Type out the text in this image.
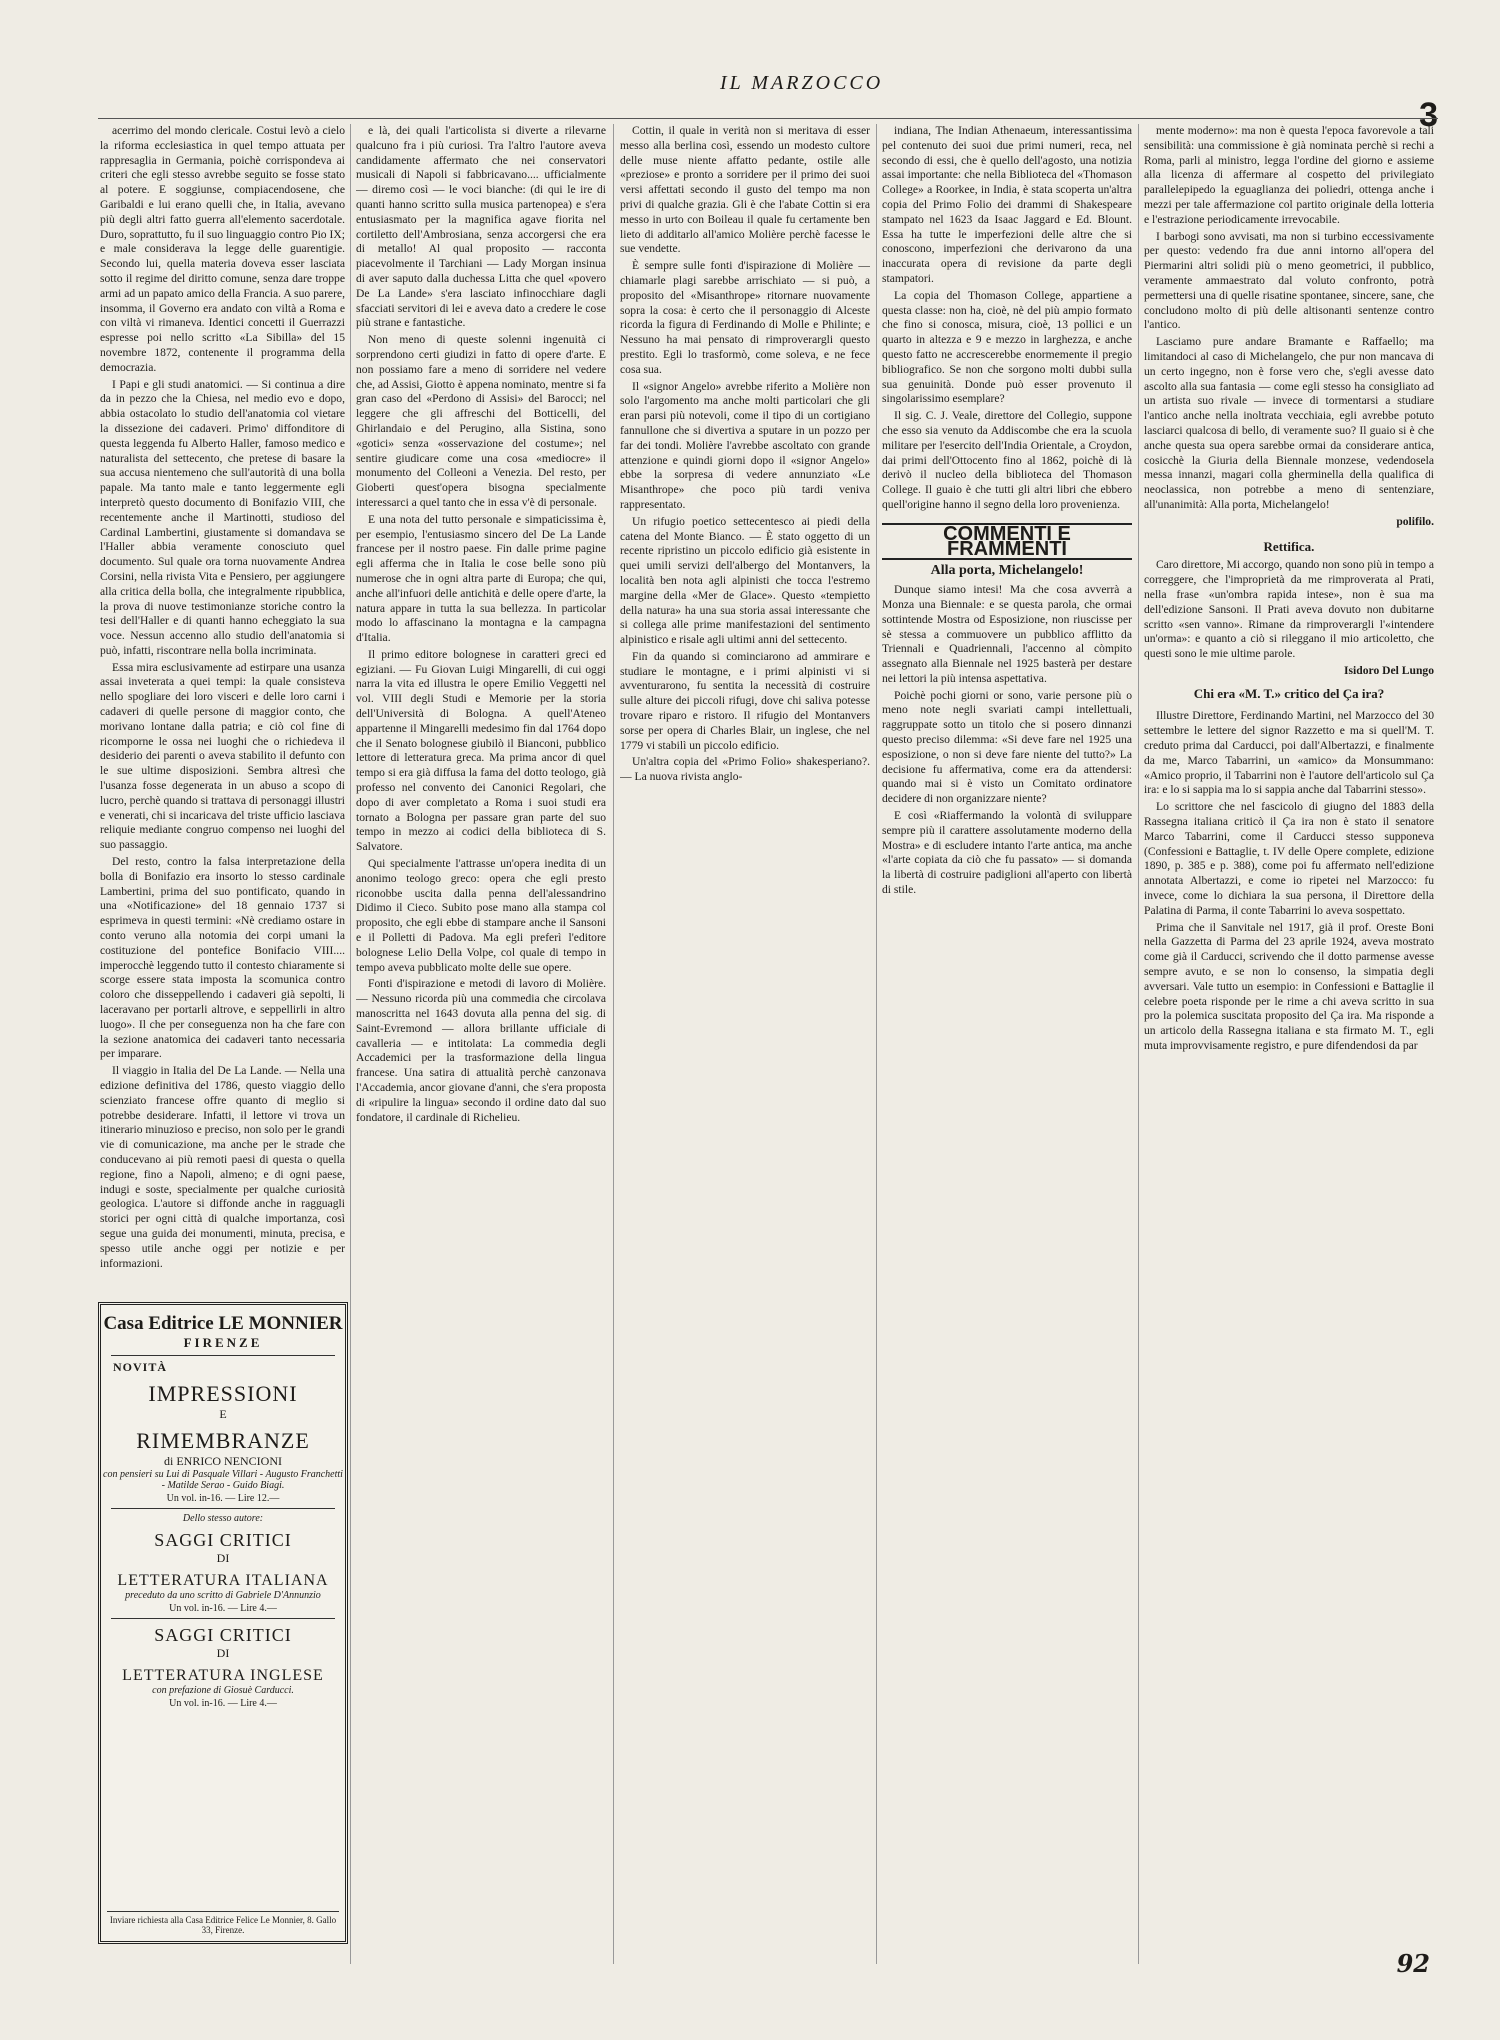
IL MARZOCCO
3

acerrimo del mondo clericale. Costui levò a cielo la riforma ecclesiastica in quel tempo attuata per rappresaglia in Germania, poichè corrispondeva ai criteri che egli stesso avrebbe seguito se fosse stato al potere. E soggiunse, compiacendosene, che Garibaldi e lui erano quelli che, in Italia, avevano più degli altri fatto guerra all'elemento sacerdotale. Duro, soprattutto, fu il suo linguaggio contro Pio IX; e male considerava la legge delle guarentigie. Secondo lui, quella materia doveva esser lasciata sotto il regime del diritto comune, senza dare troppe armi ad un papato amico della Francia. A suo parere, insomma, il Governo era andato con viltà a Roma e con viltà vi rimaneva. Identici concetti il Guerrazzi espresse poi nello scritto «La Sibilla» del 15 novembre 1872, contenente il programma della democrazia.

I Papi e gli studi anatomici. — Si continua a dire da in pezzo che la Chiesa, nel medio evo e dopo, abbia ostacolato lo studio dell'anatomia col vietare la dissezione dei cadaveri. Primo' diffonditore di questa leggenda fu Alberto Haller, famoso medico e naturalista del settecento, che pretese di basare la sua accusa nientemeno che sull'autorità di una bolla papale. Ma tanto male e tanto leggermente egli interpretò questo documento di Bonifazio VIII, che recentemente anche il Martinotti, studioso del Cardinal Lambertini, giustamente si domandava se l'Haller abbia veramente conosciuto quel documento. Sul quale ora torna nuovamente Andrea Corsini, nella rivista Vita e Pensiero, per aggiungere alla critica della bolla, che integralmente ripubblica, la prova di nuove testimonianze storiche contro la tesi dell'Haller e di quanti hanno echeggiato la sua voce. Nessun accenno allo studio dell'anatomia si può, infatti, riscontrare nella bolla incriminata.

Essa mira esclusivamente ad estirpare una usanza assai inveterata a quei tempi: la quale consisteva nello spogliare dei loro visceri e delle loro carni i cadaveri di quelle persone di maggior conto, che morivano lontane dalla patria; e ciò col fine di ricomporne le ossa nei luoghi che o richiedeva il desiderio dei parenti o aveva stabilito il defunto con le sue ultime disposizioni. Sembra altresì che l'usanza fosse degenerata in un abuso a scopo di lucro, perchè quando si trattava di personaggi illustri e venerati, chi si incaricava del triste ufficio lasciava reliquie mediante congruo compenso nei luoghi del suo passaggio.

Del resto, contro la falsa interpretazione della bolla di Bonifazio era insorto lo stesso cardinale Lambertini, prima del suo pontificato, quando in una «Notificazione» del 18 gennaio 1737 si esprimeva in questi termini: «Nè crediamo ostare in conto veruno alla notomia dei corpi umani la costituzione del pontefice Bonifacio VIII.... imperocchè leggendo tutto il contesto chiaramente si scorge essere stata imposta la scomunica contro coloro che disseppellendo i cadaveri già sepolti, li laceravano per portarli altrove, e seppellirli in altro luogo». Il che per conseguenza non ha che fare con la sezione anatomica dei cadaveri tanto necessaria per imparare.

Il viaggio in Italia del De La Lande. — Nella una edizione definitiva del 1786, questo viaggio dello scienziato francese offre quanto di meglio si potrebbe desiderare. Infatti, il lettore vi trova un itinerario minuzioso e preciso, non solo per le grandi vie di comunicazione, ma anche per le strade che conducevano ai più remoti paesi di questa o quella regione, fino a Napoli, almeno; e di ogni paese, indugi e soste, specialmente per qualche curiosità geologica. L'autore si diffonde anche in ragguagli storici per ogni città di qualche importanza, così segue una guida dei monumenti, minuta, precisa, e spesso utile anche oggi per notizie e per informazioni.

e là, dei quali l'articolista si diverte a rilevarne qualcuno fra i più curiosi. Tra l'altro l'autore aveva candidamente affermato che nei conservatori musicali di Napoli si fabbricavano.... ufficialmente — diremo così — le voci bianche: (di qui le ire di quanti hanno scritto sulla musica partenopea) e s'era entusiasmato per la magnifica agave fiorita nel cortiletto dell'Ambrosiana, senza accorgersi che era di metallo! Al qual proposito — racconta piacevolmente il Tarchiani — Lady Morgan insinua di aver saputo dalla duchessa Litta che quel «povero De La Lande» s'era lasciato infinocchiare dagli sfacciati servitori di lei e aveva dato a credere le cose più strane e fantastiche.

Non meno di queste solenni ingenuità ci sorprendono certi giudizi in fatto di opere d'arte. E non possiamo fare a meno di sorridere nel vedere che, ad Assisi, Giotto è appena nominato, mentre si fa gran caso del «Perdono di Assisi» del Barocci; nel leggere che gli affreschi del Botticelli, del Ghirlandaio e del Perugino, alla Sistina, sono «gotici» senza «osservazione del costume»; nel sentire giudicare come una cosa «mediocre» il monumento del Colleoni a Venezia. Del resto, per Gioberti quest'opera bisogna specialmente interessarci a quel tanto che in essa v'è di personale.

E una nota del tutto personale e simpaticissima è, per esempio, l'entusiasmo sincero del De La Lande francese per il nostro paese. Fin dalle prime pagine egli afferma che in Italia le cose belle sono più numerose che in ogni altra parte di Europa; che qui, anche all'infuori delle antichità e delle opere d'arte, la natura appare in tutta la sua bellezza. In particolar modo lo affascinano la montagna e la campagna d'Italia.

Il primo editore bolognese in caratteri greci ed egiziani. — Fu Giovan Luigi Mingarelli, di cui oggi narra la vita ed illustra le opere Emilio Veggetti nel vol. VIII degli Studi e Memorie per la storia dell'Università di Bologna. A quell'Ateneo appartenne il Mingarelli medesimo fin dal 1764 dopo che il Senato bolognese giubilò il Bianconi, pubblico lettore di letteratura greca. Ma prima ancor di quel tempo si era già diffusa la fama del dotto teologo, già professo nel convento dei Canonici Regolari, che dopo di aver completato a Roma i suoi studi era tornato a Bologna per passare gran parte del suo tempo in mezzo ai codici della biblioteca di S. Salvatore.

Qui specialmente l'attrasse un'opera inedita di un anonimo teologo greco: opera che egli presto riconobbe uscita dalla penna dell'alessandrino Didimo il Cieco. Subito pose mano alla stampa col proposito, che egli ebbe di stampare anche il Sansoni e il Polletti di Padova. Ma egli preferì l'editore bolognese Lelio Della Volpe, col quale di tempo in tempo aveva pubblicato molte delle sue opere.

Fonti d'ispirazione e metodi di lavoro di Molière. — Nessuno ricorda più una commedia che circolava manoscritta nel 1643 dovuta alla penna del sig. di Saint-Evremond — allora brillante ufficiale di cavalleria — e intitolata: La commedia degli Accademici per la trasformazione della lingua francese. Una satira di attualità perchè canzonava l'Accademia, ancor giovane d'anni, che s'era proposta di «ripulire la lingua» secondo il ordine dato dal suo fondatore, il cardinale di Richelieu.

Cottin, il quale in verità non si meritava di esser messo alla berlina così, essendo un modesto cultore delle muse niente affatto pedante, ostile alle «preziose» e pronto a sorridere per il primo dei suoi versi affettati secondo il gusto del tempo ma non privi di qualche grazia. Gli è che l'abate Cottin si era messo in urto con Boileau il quale fu certamente ben lieto di additarlo all'amico Molière perchè facesse le sue vendette.

È sempre sulle fonti d'ispirazione di Molière — chiamarle plagi sarebbe arrischiato — si può, a proposito del «Misanthrope» ritornare nuovamente sopra la cosa: è certo che il personaggio di Alceste ricorda la figura di Ferdinando di Molle e Philinte; e Nessuno ha mai pensato di rimproverargli questo prestito. Egli lo trasformò, come soleva, e ne fece cosa sua.

Il «signor Angelo» avrebbe riferito a Molière non solo l'argomento ma anche molti particolari che gli eran parsi più notevoli, come il tipo di un cortigiano fannullone che si divertiva a sputare in un pozzo per far dei tondi. Molière l'avrebbe ascoltato con grande attenzione e quindi giorni dopo il «signor Angelo» ebbe la sorpresa di vedere annunziato «Le Misanthrope» che poco più tardi veniva rappresentato.

Un rifugio poetico settecentesco ai piedi della catena del Monte Bianco. — È stato oggetto di un recente ripristino un piccolo edificio già esistente in quei umili servizi dell'albergo del Montanvers, la località ben nota agli alpinisti che tocca l'estremo margine della «Mer de Glace». Questo «tempietto della natura» ha una sua storia assai interessante che si collega alle prime manifestazioni del sentimento alpinistico e risale agli ultimi anni del settecento.

Fin da quando si cominciarono ad ammirare e studiare le montagne, e i primi alpinisti vi si avventurarono, fu sentita la necessità di costruire sulle alture dei piccoli rifugi, dove chi saliva potesse trovare riparo e ristoro. Il rifugio del Montanvers sorse per opera di Charles Blair, un inglese, che nel 1779 vi stabilì un piccolo edificio.

Un'altra copia del «Primo Folio» shakesperiano?. — La nuova rivista anglo-

indiana, The Indian Athenaeum, interessantissima pel contenuto dei suoi due primi numeri, reca, nel secondo di essi, che è quello dell'agosto, una notizia assai importante: che nella Biblioteca del «Thomason College» a Roorkee, in India, è stata scoperta un'altra copia del Primo Folio dei drammi di Shakespeare stampato nel 1623 da Isaac Jaggard e Ed. Blount. Essa ha tutte le imperfezioni delle altre che si conoscono, imperfezioni che derivarono da una inaccurata opera di revisione da parte degli stampatori.

La copia del Thomason College, appartiene a questa classe: non ha, cioè, nè del più ampio formato che fino si conosca, misura, cioè, 13 pollici e un quarto in altezza e 9 e mezzo in larghezza, e anche questo fatto ne accrescerebbe enormemente il pregio bibliografico. Se non che sorgono molti dubbi sulla sua genuinità. Donde può esser provenuto il singolarissimo esemplare?

Il sig. C. J. Veale, direttore del Collegio, suppone che esso sia venuto da Addiscombe che era la scuola militare per l'esercito dell'India Orientale, a Croydon, dai primi dell'Ottocento fino al 1862, poichè di là derivò il nucleo della biblioteca del Thomason College. Il guaio è che tutti gli altri libri che ebbero quell'origine hanno il segno della loro provenienza.

COMMENTI E FRAMMENTI
Alla porta, Michelangelo!

Dunque siamo intesi! Ma che cosa avverrà a Monza una Biennale: e se questa parola, che ormai sottintende Mostra od Esposizione, non riuscisse per sè stessa a commuovere un pubblico afflitto da Triennali e Quadriennali, l'accenno al còmpito assegnato alla Biennale nel 1925 basterà per destare nei lettori la più intensa aspettativa.

Poichè pochi giorni or sono, varie persone più o meno note negli svariati campi intellettuali, raggruppate sotto un titolo che si posero dinnanzi questo preciso dilemma: «Si deve fare nel 1925 una esposizione, o non si deve fare niente del tutto?» La decisione fu affermativa, come era da attendersi: quando mai si è visto un Comitato ordinatore decidere di non organizzare niente?

E così «Riaffermando la volontà di sviluppare sempre più il carattere assolutamente moderno della Mostra» e di escludere intanto l'arte antica, ma anche «l'arte copiata da ciò che fu passato» — si domanda la libertà di costruire padiglioni all'aperto con libertà di stile.

mente moderno»: ma non è questa l'epoca favorevole a tali sensibilità: una commissione è già nominata perchè si rechi a Roma, parli al ministro, legga l'ordine del giorno e assieme alla licenza di affermare al cospetto del privilegiato parallelepipedo la eguaglianza dei poliedri, ottenga anche i mezzi per tale affermazione col partito originale della lotteria e l'estrazione periodicamente irrevocabile.

I barbogi sono avvisati, ma non si turbino eccessivamente per questo: vedendo fra due anni intorno all'opera del Piermarini altri solidi più o meno geometrici, il pubblico, veramente ammaestrato dal voluto confronto, potrà permettersi una di quelle risatine spontanee, sincere, sane, che concludono molto di più delle altisonanti sentenze contro l'antico.

Lasciamo pure andare Bramante e Raffaello; ma limitandoci al caso di Michelangelo, che pur non mancava di un certo ingegno, non è forse vero che, s'egli avesse dato ascolto alla sua fantasia — come egli stesso ha consigliato ad un artista suo rivale — invece di tormentarsi a studiare l'antico anche nella inoltrata vecchiaia, egli avrebbe potuto lasciarci qualcosa di bello, di veramente suo? Il guaio si è che anche questa sua opera sarebbe ormai da considerare antica, cosicchè la Giuria della Biennale monzese, vedendosela messa innanzi, magari colla gherminella della qualifica di neoclassica, non potrebbe a meno di sentenziare, all'unanimità: Alla porta, Michelangelo!

polifilo.
Rettifica.

Caro direttore, Mi accorgo, quando non sono più in tempo a correggere, che l'improprietà da me rimproverata al Prati, nella frase «un'ombra rapida intese», non è sua ma dell'edizione Sansoni. Il Prati aveva dovuto non dubitarne scritto «sen vanno». Rimane da rimproverargli l'«intendere un'orma»: e quanto a ciò si rileggano il mio articoletto, che questi sono le mie ultime parole.

Isidoro Del Lungo
Chi era «M. T.» critico del Ça ira?

Illustre Direttore, Ferdinando Martini, nel Marzocco del 30 settembre le lettere del signor Razzetto e ma si quell'M. T. creduto prima dal Carducci, poi dall'Albertazzi, e finalmente da me, Marco Tabarrini, un «amico» da Monsummano: «Amico proprio, il Tabarrini non è l'autore dell'articolo sul Ça ira: e lo si sappia ma lo si sappia anche dal Tabarrini stesso».

Lo scrittore che nel fascicolo di giugno del 1883 della Rassegna italiana criticò il Ça ira non è stato il senatore Marco Tabarrini, come il Carducci stesso supponeva (Confessioni e Battaglie, t. IV delle Opere complete, edizione 1890, p. 385 e p. 388), come poi fu affermato nell'edizione annotata Albertazzi, e come io ripetei nel Marzocco: fu invece, come lo dichiara la sua persona, il Direttore della Palatina di Parma, il conte Tabarrini lo aveva sospettato.

Prima che il Sanvitale nel 1917, già il prof. Oreste Boni nella Gazzetta di Parma del 23 aprile 1924, aveva mostrato come già il Carducci, scrivendo che il dotto parmense avesse sempre avuto, e se non lo consenso, la simpatia degli avversari. Vale tutto un esempio: in Confessioni e Battaglie il celebre poeta risponde per le rime a chi aveva scritto in sua pro la polemica suscitata proposito del Ça ira. Ma risponde a un articolo della Rassegna italiana e sta firmato M. T., egli muta improvvisamente registro, e pure difendendosi da par

Casa Editrice LE MONNIER
FIRENZE
NOVITÀ
IMPRESSIONI
E
RIMEMBRANZE
di ENRICO NENCIONI
con pensieri su Lui di Pasquale Villari - Augusto Franchetti - Matilde Serao - Guido Biagi.
Un vol. in-16. — Lire 12.—
Dello stesso autore:
SAGGI CRITICI
DI
LETTERATURA ITALIANA
preceduto da uno scritto di Gabriele D'Annunzio
Un vol. in-16. — Lire 4.—
SAGGI CRITICI
DI
LETTERATURA INGLESE
con prefazione di Giosuè Carducci.
Un vol. in-16. — Lire 4.—
Inviare richiesta alla Casa Editrice Felice Le Monnier, 8. Gallo 33, Firenze.
92
